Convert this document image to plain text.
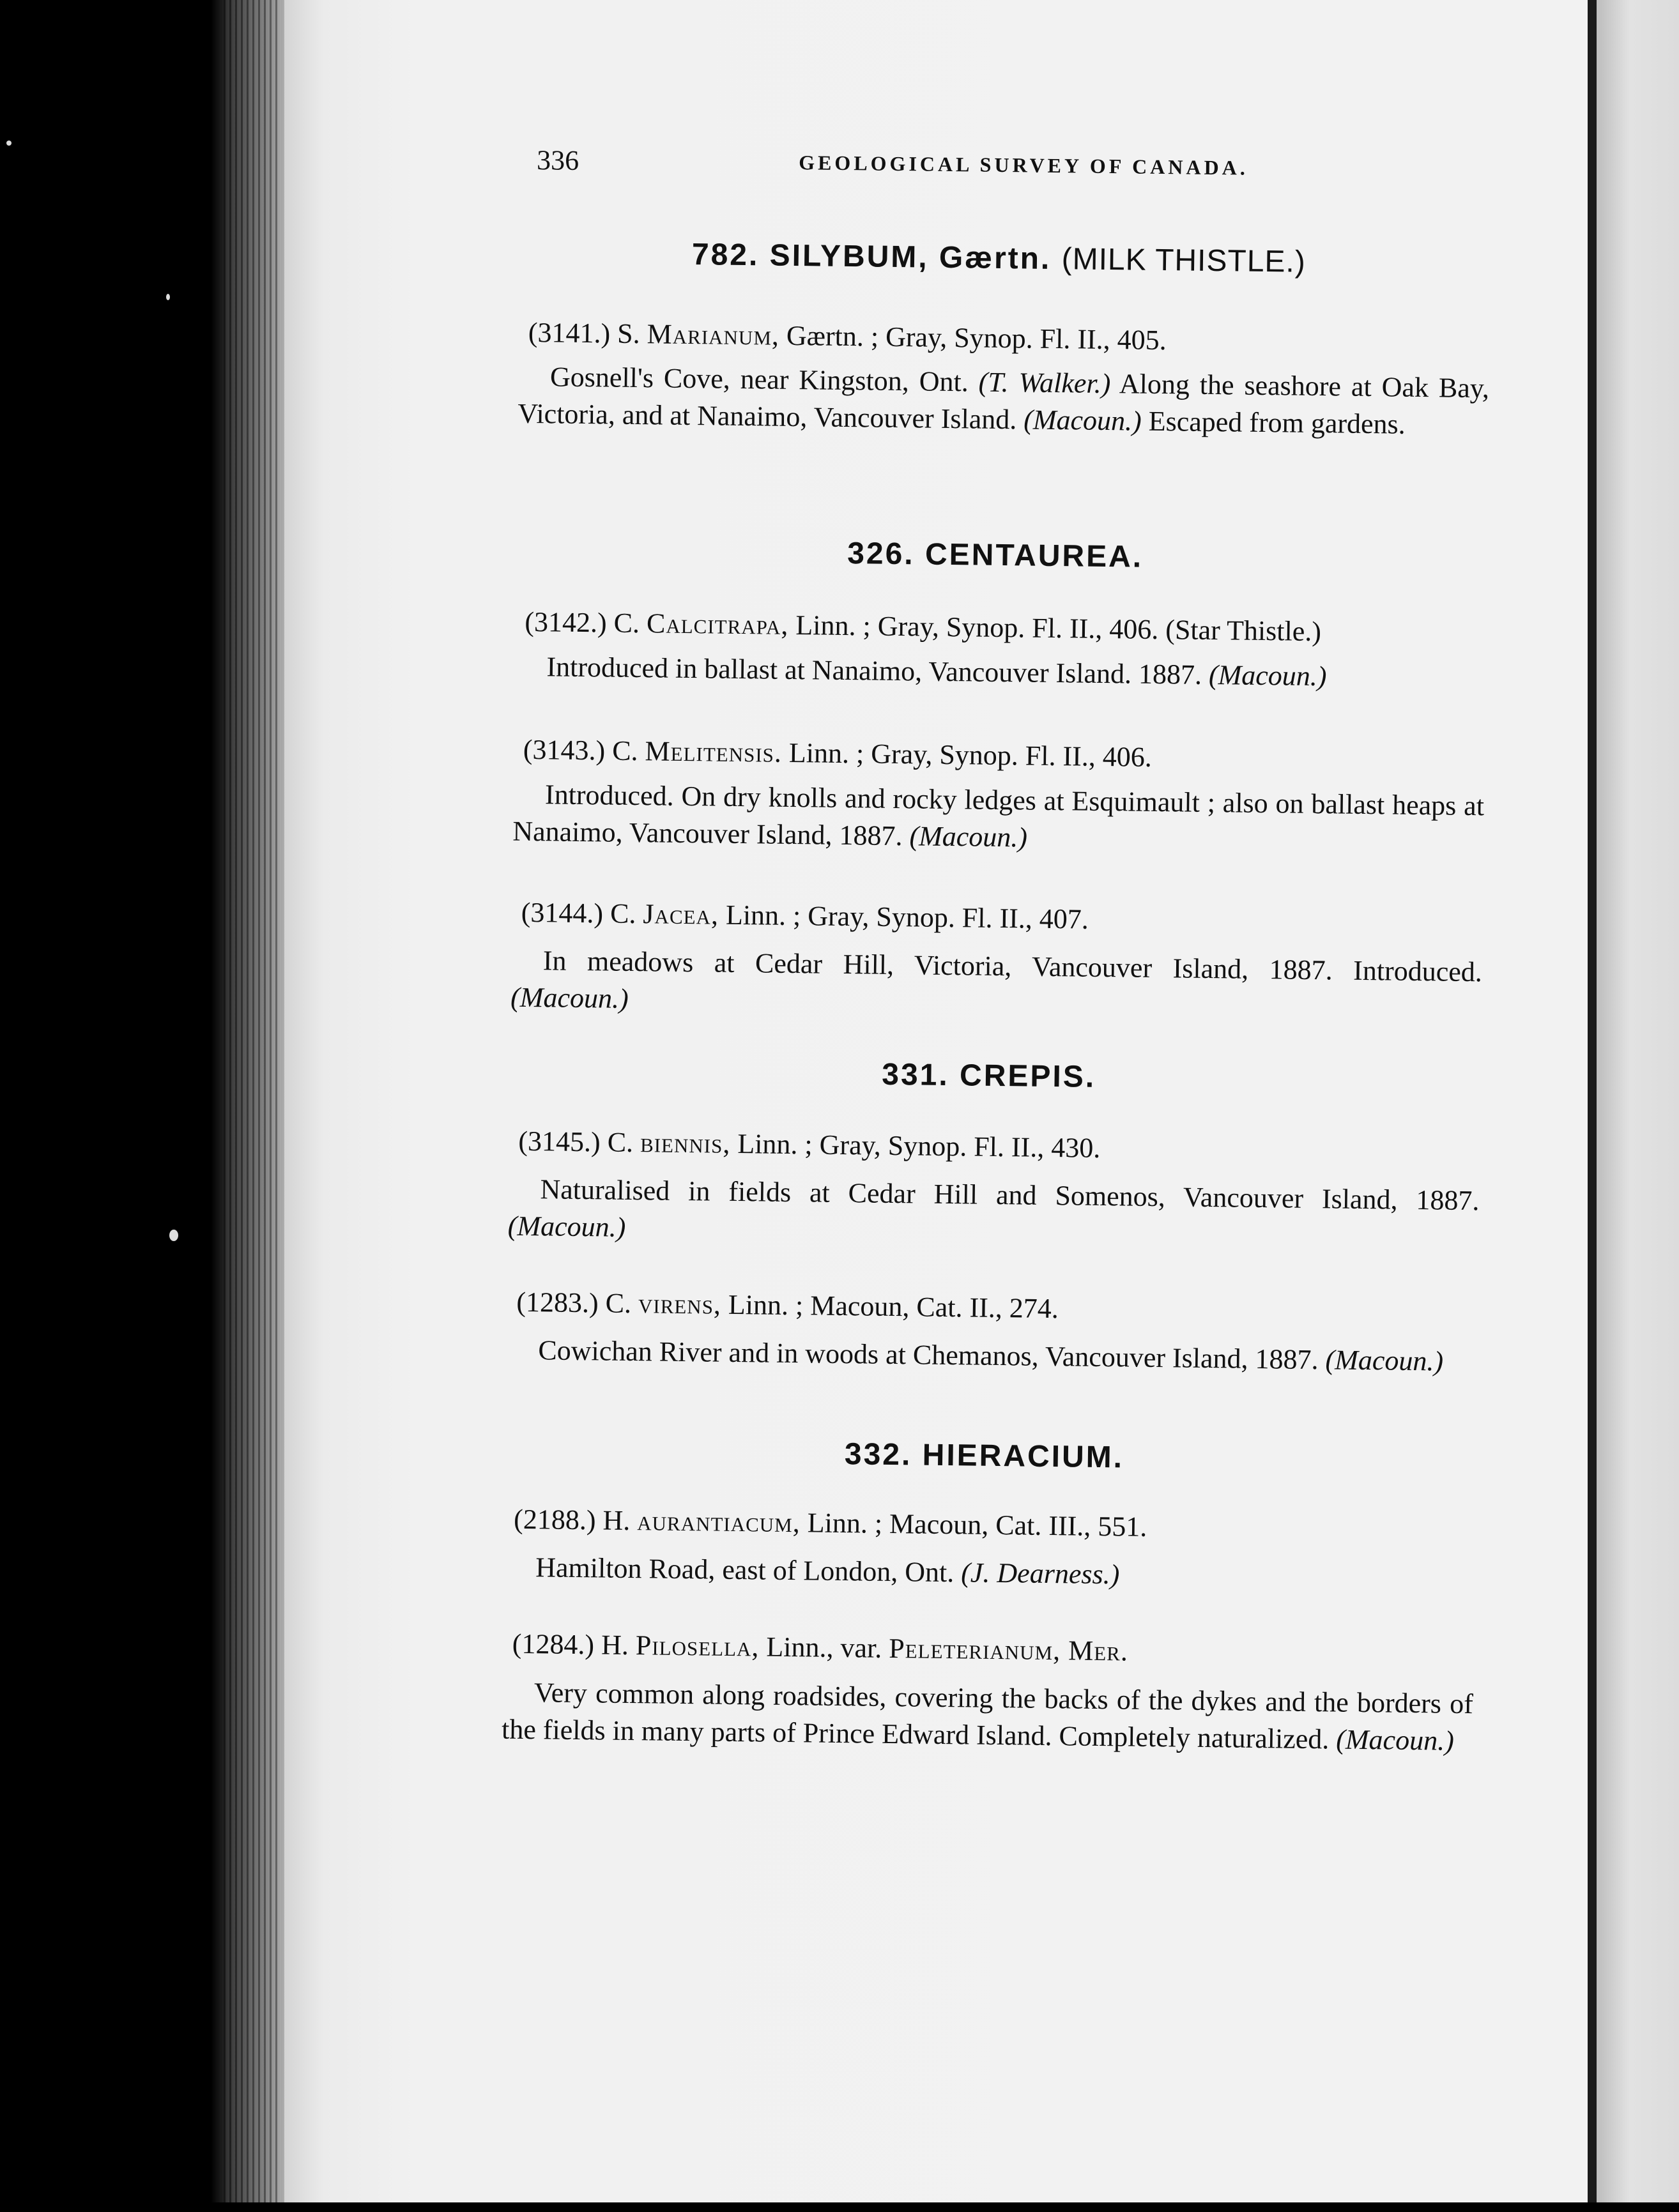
336	GEOLOGICAL SURVEY OF CANADA.
782. SILYBUM, Gærtn. (MILK THISTLE.)
(3141.) S. Marianum, Gærtn. ; Gray, Synop. Fl. II., 405.
Gosnell's Cove, near Kingston, Ont. (T. Walker.) Along the seashore at Oak Bay, Victoria, and at Nanaimo, Vancouver Island. (Macoun.) Escaped from gardens.
326. CENTAUREA.
(3142.) C. Calcitrapa, Linn. ; Gray, Synop. Fl. II., 406. (Star Thistle.)
Introduced in ballast at Nanaimo, Vancouver Island. 1887. (Macoun.)
(3143.) C. Melitensis. Linn. ; Gray, Synop. Fl. II., 406.
Introduced. On dry knolls and rocky ledges at Esquimault ; also on ballast heaps at Nanaimo, Vancouver Island, 1887. (Macoun.)
(3144.) C. Jacea, Linn. ; Gray, Synop. Fl. II., 407.
In meadows at Cedar Hill, Victoria, Vancouver Island, 1887. Introduced. (Macoun.)
331. CREPIS.
(3145.) C. biennis, Linn. ; Gray, Synop. Fl. II., 430.
Naturalised in fields at Cedar Hill and Somenos, Vancouver Island, 1887. (Macoun.)
(1283.) C. virens, Linn. ; Macoun, Cat. II., 274.
Cowichan River and in woods at Chemanos, Vancouver Island, 1887. (Macoun.)
332. HIERACIUM.
(2188.) H. aurantiacum, Linn. ; Macoun, Cat. III., 551.
Hamilton Road, east of London, Ont. (J. Dearness.)
(1284.) H. Pilosella, Linn., var. Peleterianum, Mer.
Very common along roadsides, covering the backs of the dykes and the borders of the fields in many parts of Prince Edward Island. Completely naturalized. (Macoun.)
